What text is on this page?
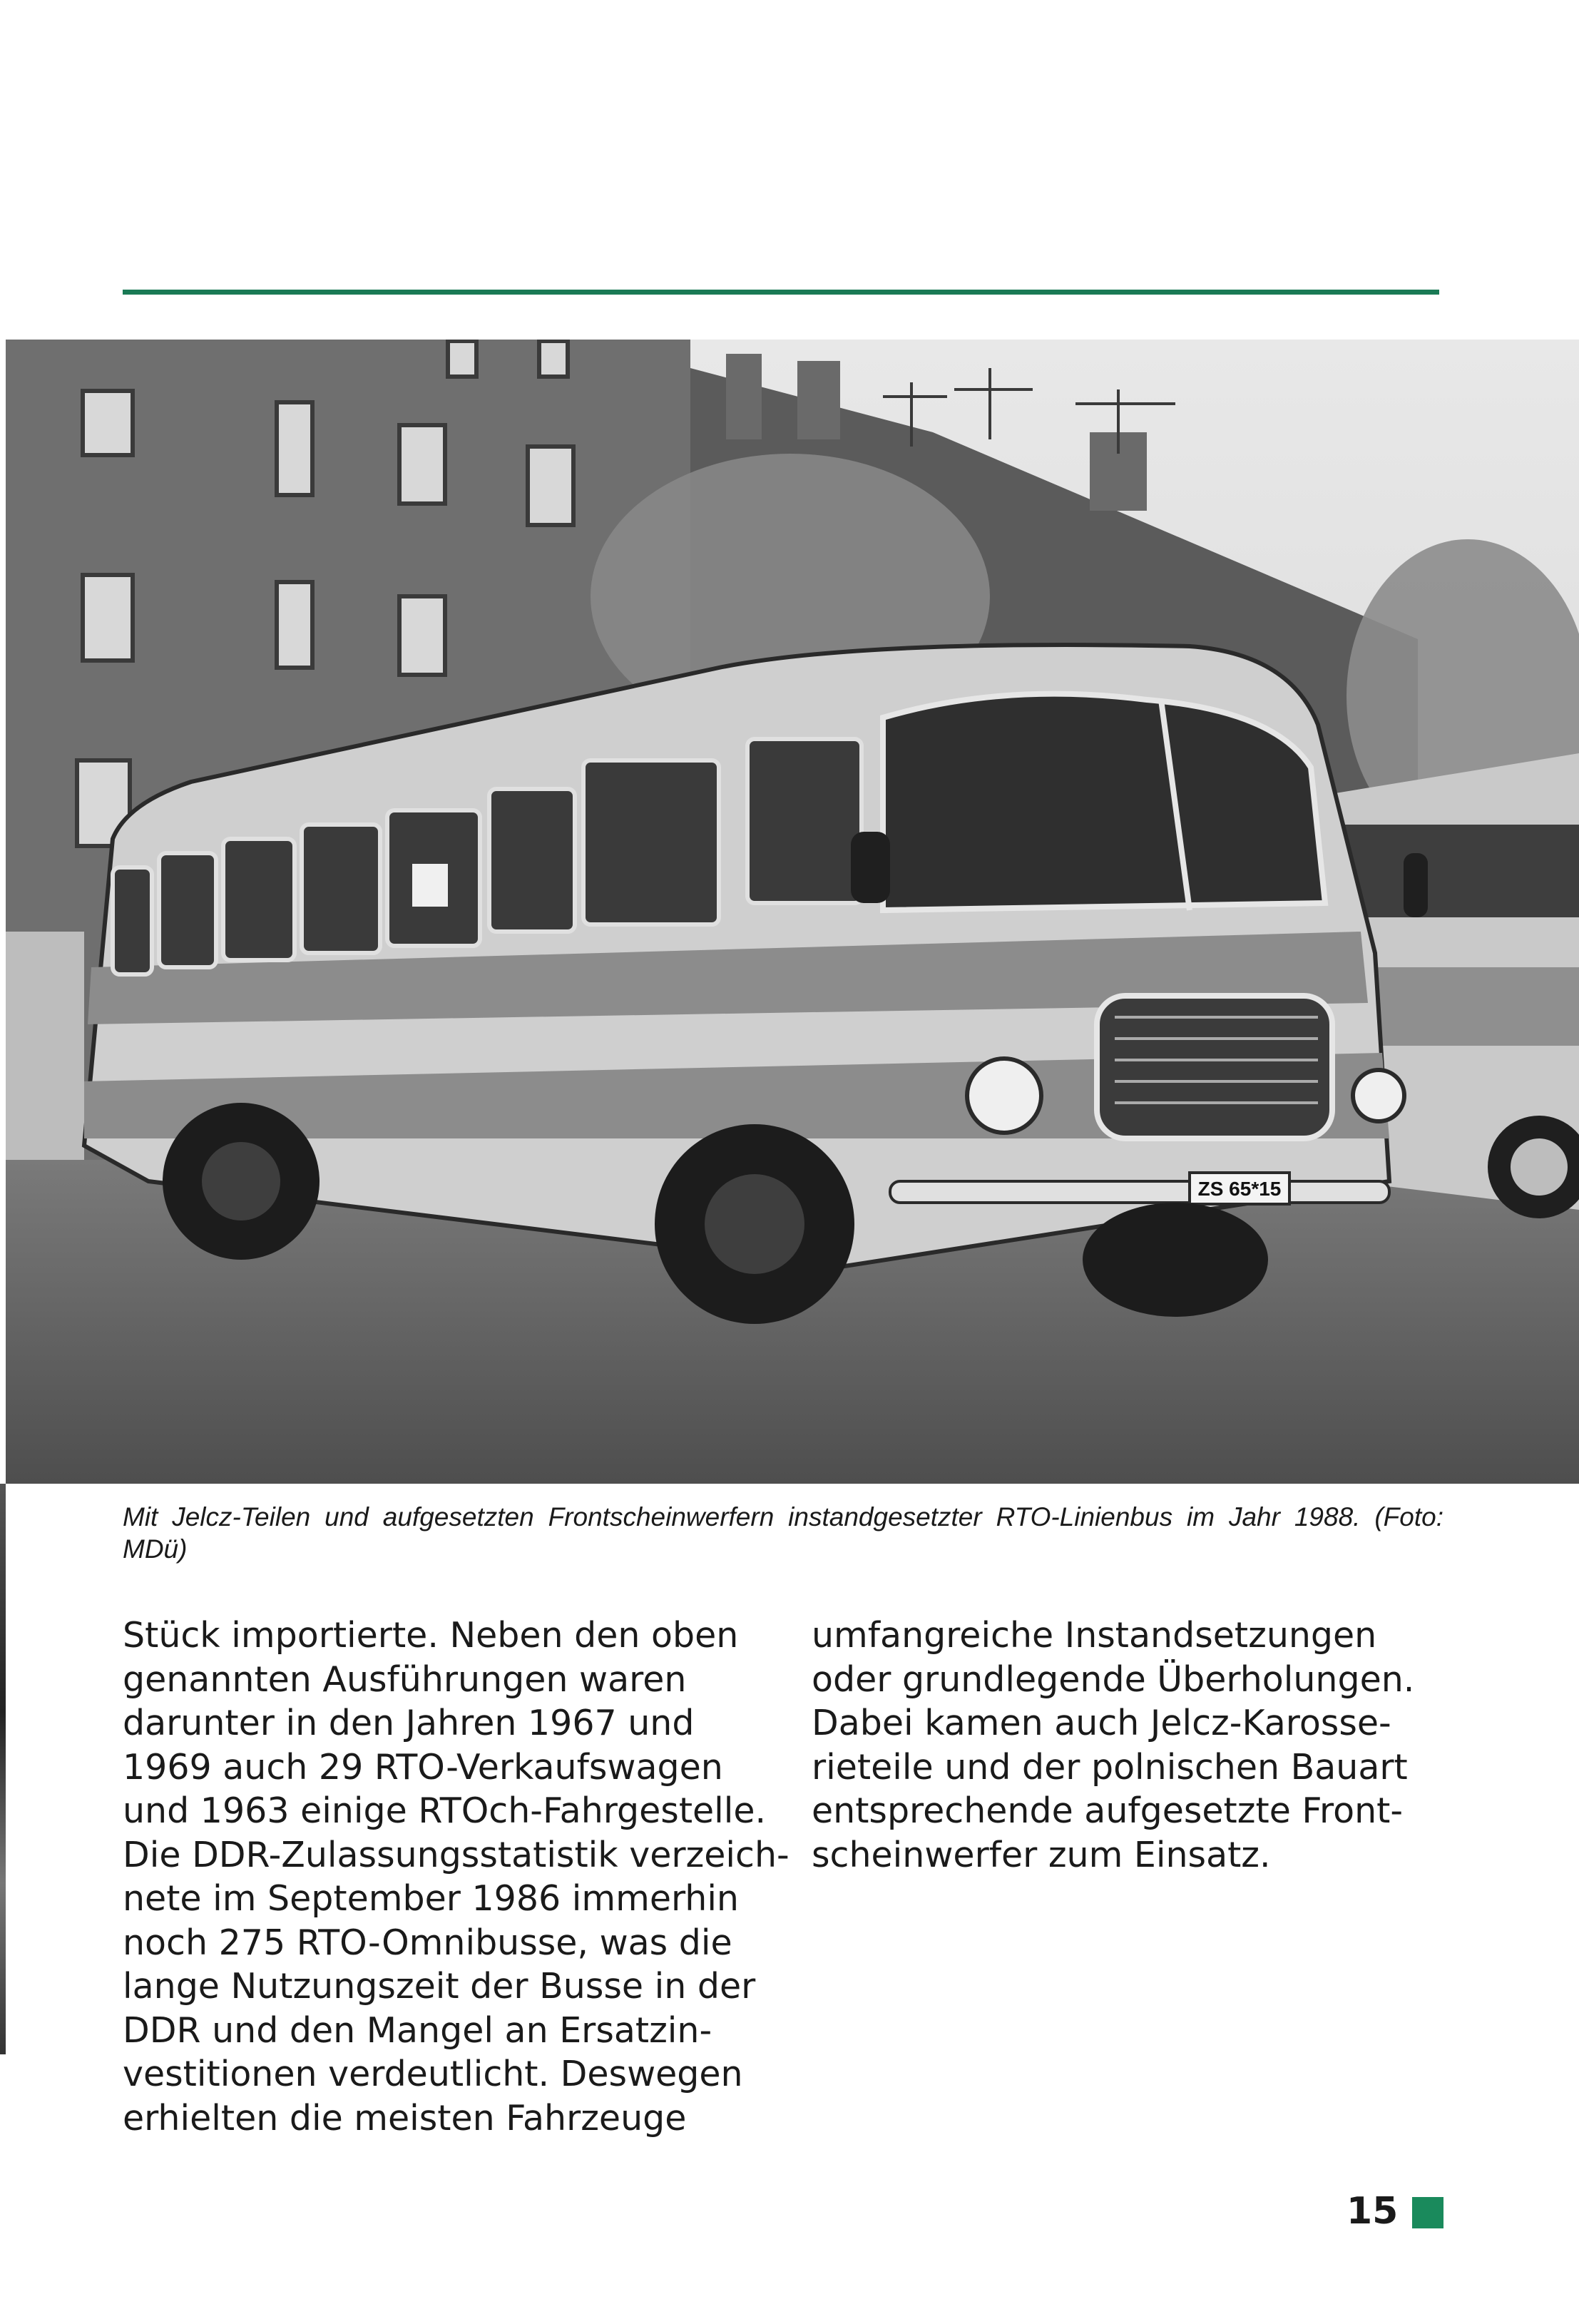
ZS 65*15
Mit Jelcz-Teilen und aufgesetzten Frontscheinwerfern instandgesetzter RTO-Linienbus im Jahr 1988. (Foto: MDü)
Stück importierte. Neben den oben
genannten Ausführungen waren
darunter in den Jahren 1967 und
1969 auch 29 RTO-Verkaufswagen
und 1963 einige RTOch-Fahrgestelle.
Die DDR-Zulassungsstatistik verzeich-
nete im September 1986 immerhin
noch 275 RTO-Omnibusse, was die
lange Nutzungszeit der Busse in der
DDR und den Mangel an Ersatzin-
vestitionen verdeutlicht. Deswegen
erhielten die meisten Fahrzeuge
umfangreiche Instandsetzungen
oder grundlegende Überholungen.
Dabei kamen auch Jelcz-Karosse-
rieteile und der polnischen Bauart
entsprechende aufgesetzte Front-
scheinwerfer zum Einsatz.
15
